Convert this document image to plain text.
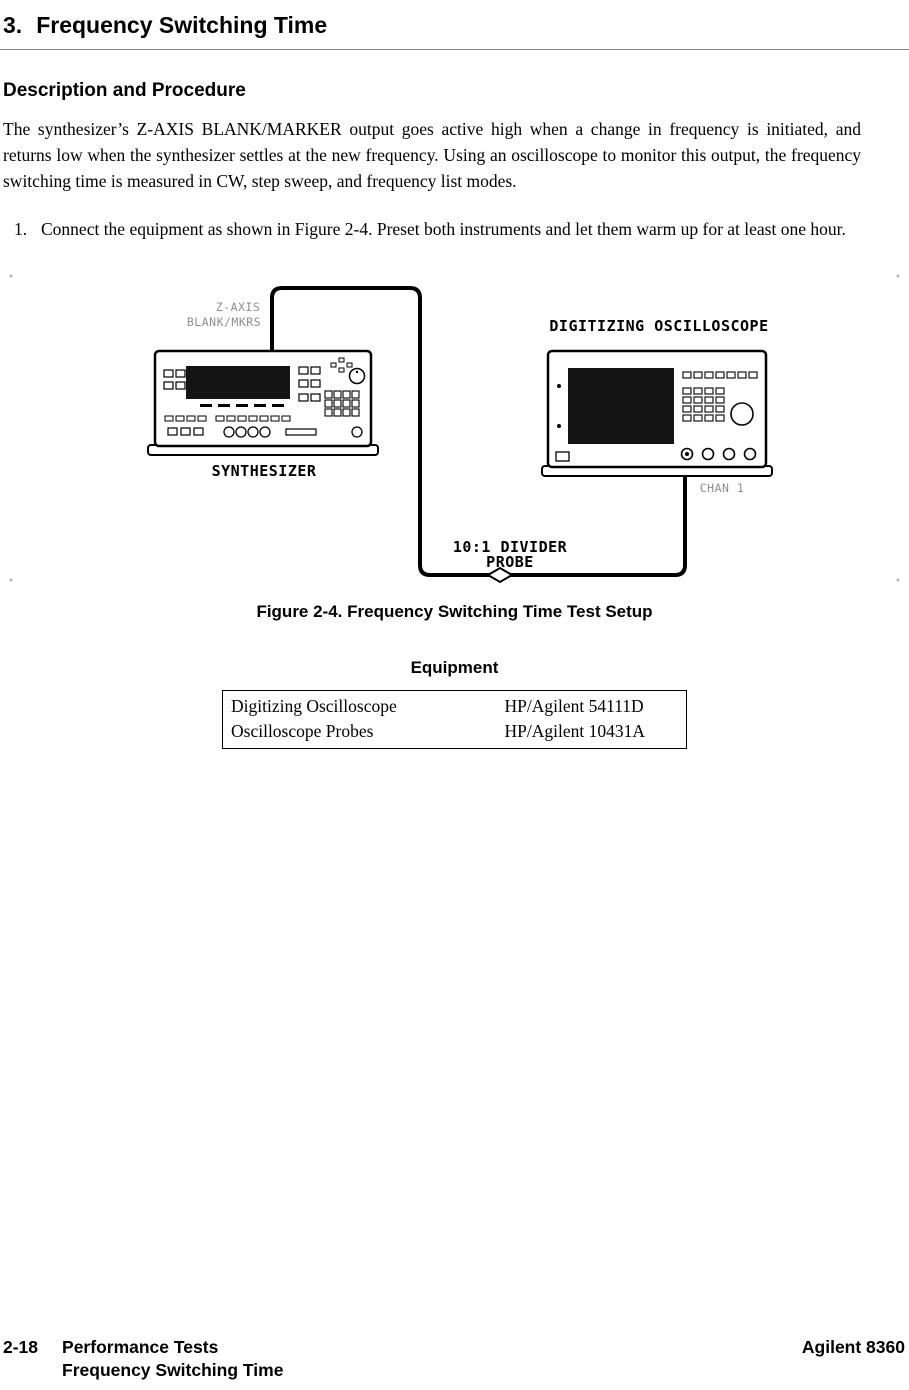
3. Frequency Switching Time
Description and Procedure

The synthesizer’s Z-AXIS BLANK/MARKER output goes active high when a change in frequency is initiated, and returns low when the synthesizer settles at the new frequency. Using an oscilloscope to monitor this output, the frequency switching time is measured in CW, step sweep, and frequency list modes.

1. Connect the equipment as shown in Figure 2-4. Preset both instruments and let them warm up for at least one hour.
Z-AXIS
BLANK/MKRS	DIGITIZING OSCILLOSCOPE
SYNTHESIZER
CHAN 1
10:1 DIVIDER
PROBE
Figure 2-4. Frequency Switching Time Test Setup
Equipment
Digitizing Oscilloscope	HP/Agilent 54111D
Oscilloscope Probes	HP/Agilent 10431A
2-18 Performance Tests
Frequency Switching Time
Agilent 8360
